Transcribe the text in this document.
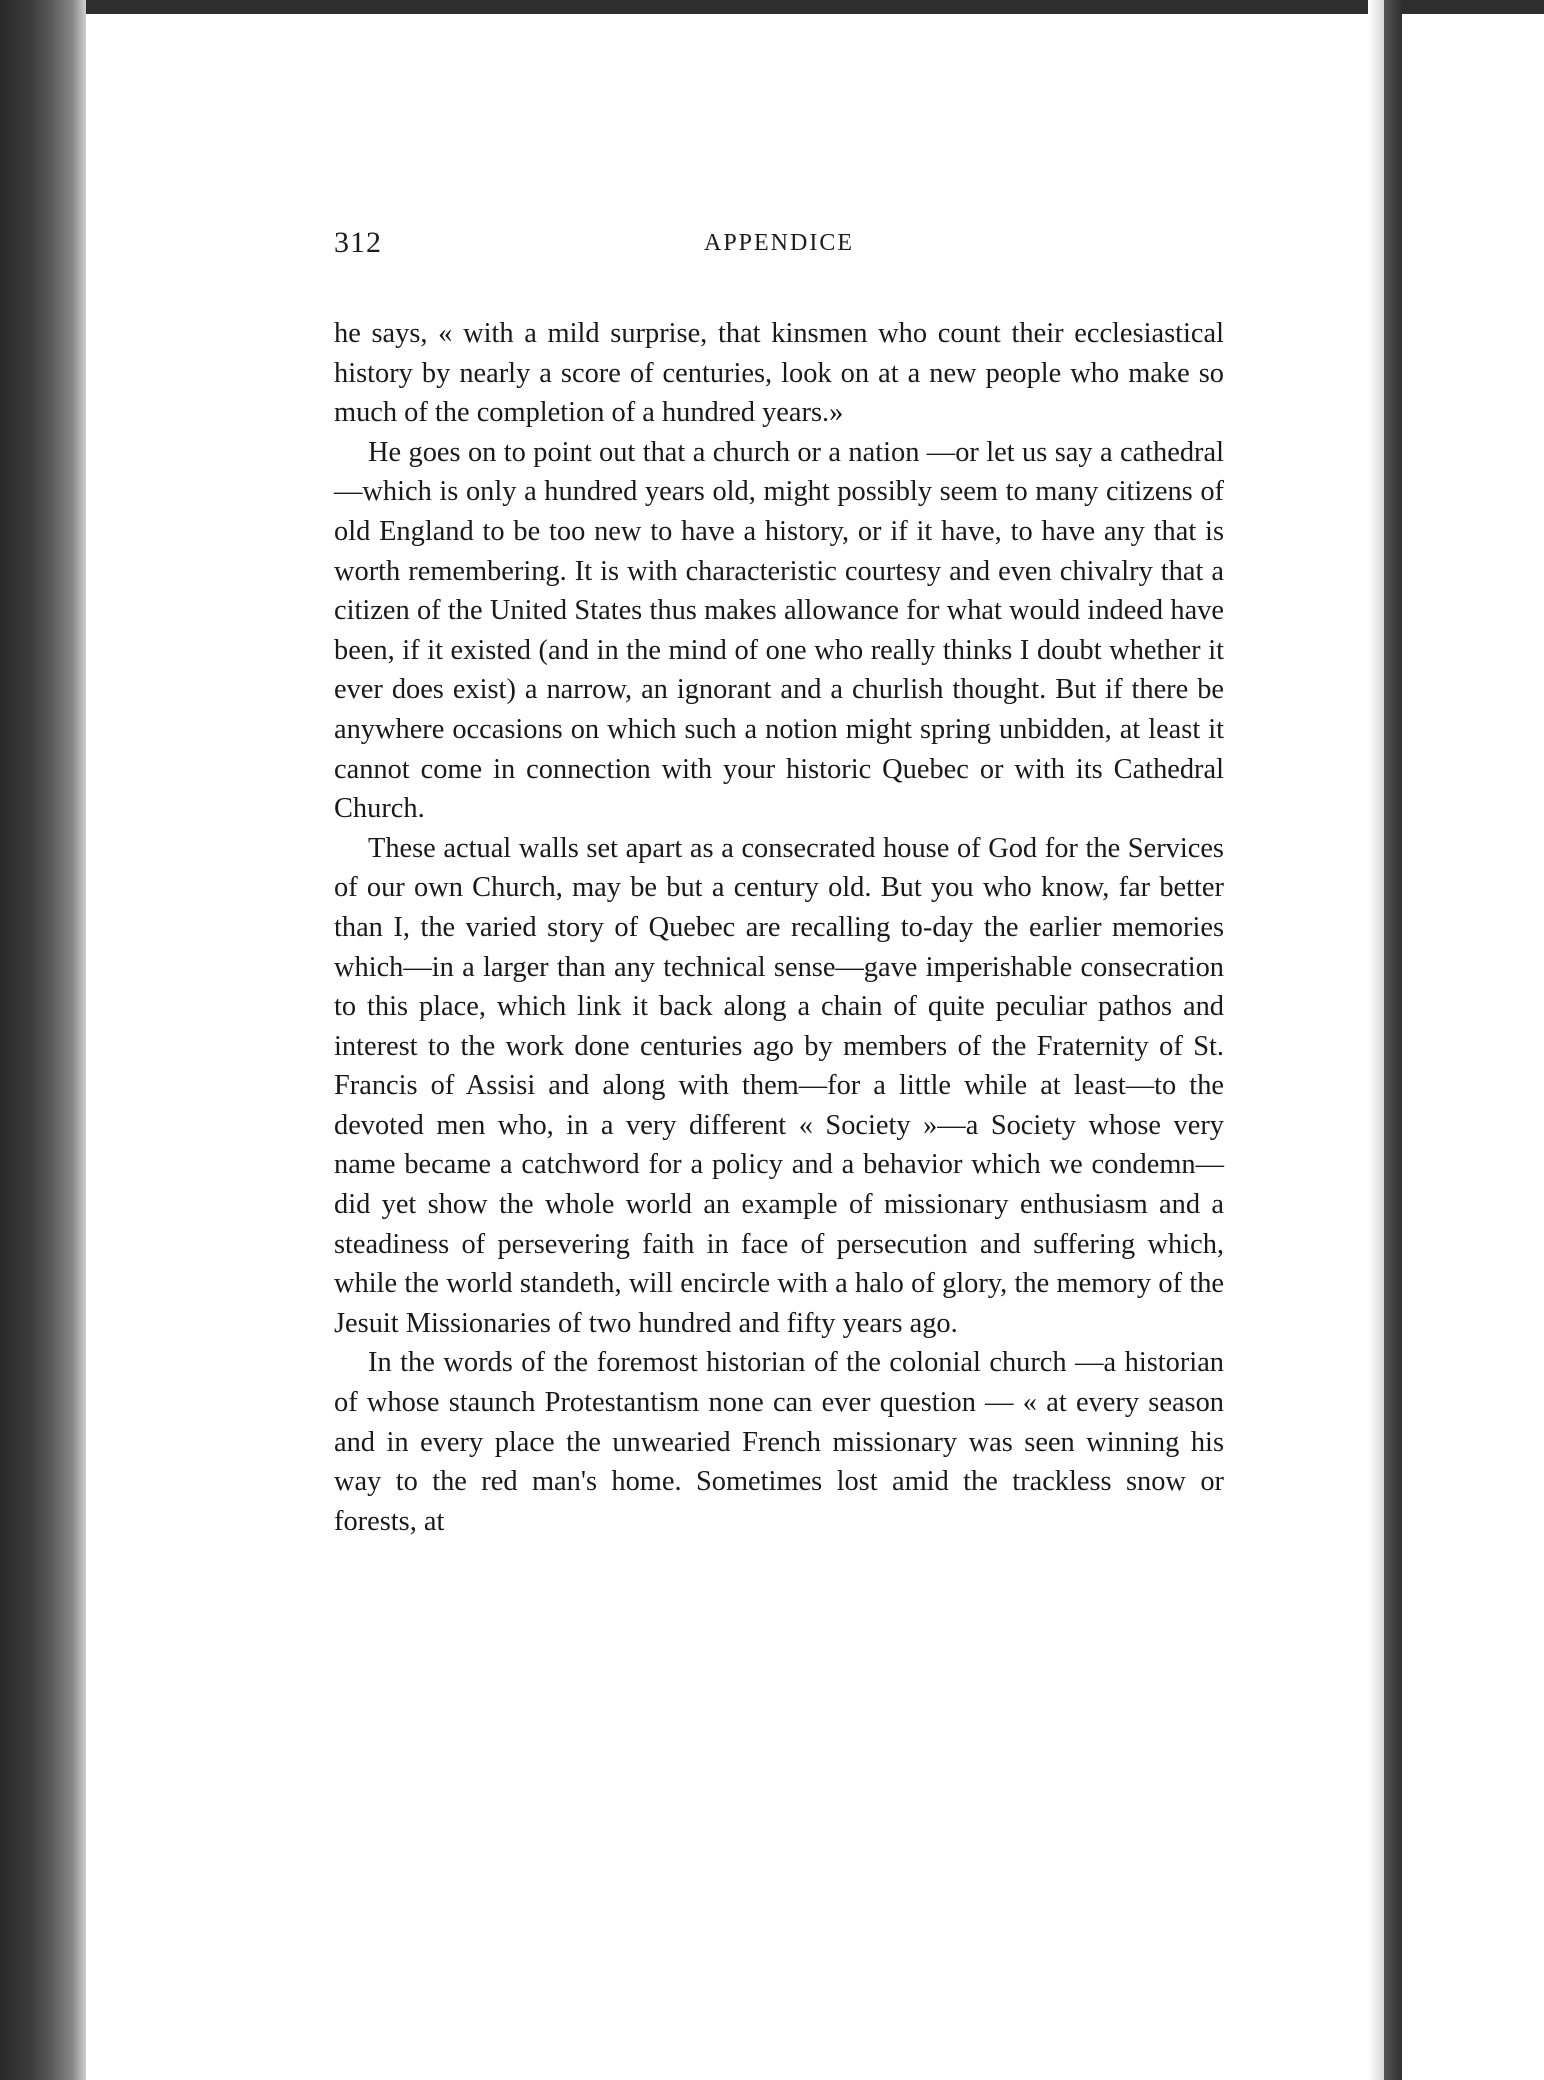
312	APPENDICE

he says, « with a mild surprise, that kinsmen who count their ecclesiastical history by nearly a score of centuries, look on at a new people who make so much of the completion of a hundred years.»

He goes on to point out that a church or a nation —or let us say a cathedral—which is only a hundred years old, might possibly seem to many citizens of old England to be too new to have a history, or if it have, to have any that is worth remembering. It is with characteristic courtesy and even chivalry that a citizen of the United States thus makes allowance for what would indeed have been, if it existed (and in the mind of one who really thinks I doubt whether it ever does exist) a narrow, an ignorant and a churlish thought. But if there be anywhere occasions on which such a notion might spring unbidden, at least it cannot come in connection with your historic Quebec or with its Cathedral Church.

These actual walls set apart as a consecrated house of God for the Services of our own Church, may be but a century old. But you who know, far better than I, the varied story of Quebec are recalling to-day the earlier memories which—in a larger than any technical sense—gave imperishable consecration to this place, which link it back along a chain of quite peculiar pathos and interest to the work done centuries ago by members of the Fraternity of St. Francis of Assisi and along with them—for a little while at least—to the devoted men who, in a very different « Society »—a Society whose very name became a catchword for a policy and a behavior which we condemn—did yet show the whole world an example of missionary enthusiasm and a steadiness of persevering faith in face of persecution and suffering which, while the world standeth, will encircle with a halo of glory, the memory of the Jesuit Missionaries of two hundred and fifty years ago.

In the words of the foremost historian of the colonial church —a historian of whose staunch Protestantism none can ever question — « at every season and in every place the unwearied French missionary was seen winning his way to the red man's home. Sometimes lost amid the trackless snow or forests, at
